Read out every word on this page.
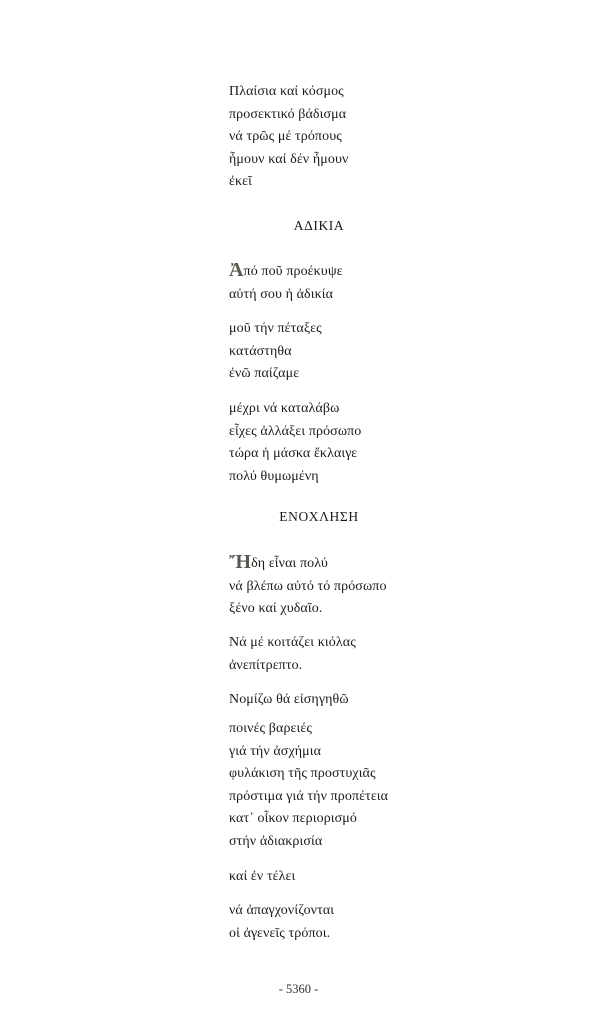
Πλαίσια καί κόσμος
προσεκτικό βάδισμα
νά τρῶς μέ τρόπους
ἦμουν καί δέν ἦμουν
ἐκεῖ
ΑΔΙΚΙΑ
Ἀπό ποῦ προέκυψε
αὐτή σου ἡ ἀδικία
μοῦ τήν πέταξες
κατάστηθα
ἐνῶ παίζαμε
μέχρι νά καταλάβω
εἶχες ἀλλάξει πρόσωπο
τώρα ἡ μάσκα ἔκλαιγε
πολύ θυμωμένη
ΕΝΟΧΛΗΣΗ
Ἤδη εἶναι πολύ
νά βλέπω αὐτό τό πρόσωπο
ξένο καί χυδαῖο.
Νά μέ κοιτάζει κιόλας
ἀνεπίτρεπτο.
Νομίζω θά εἰσηγηθῶ
ποινές βαρειές
γιά τήν ἀσχήμια
φυλάκιση τῆς προστυχιᾶς
πρόστιμα γιά τήν προπέτεια
κατ᾽ οἶκον περιορισμό
στήν ἀδιακρισία
καί ἐν τέλει
νά ἀπαγχονίζονται
οἱ ἀγενεῖς τρόποι.
- 5360 -
